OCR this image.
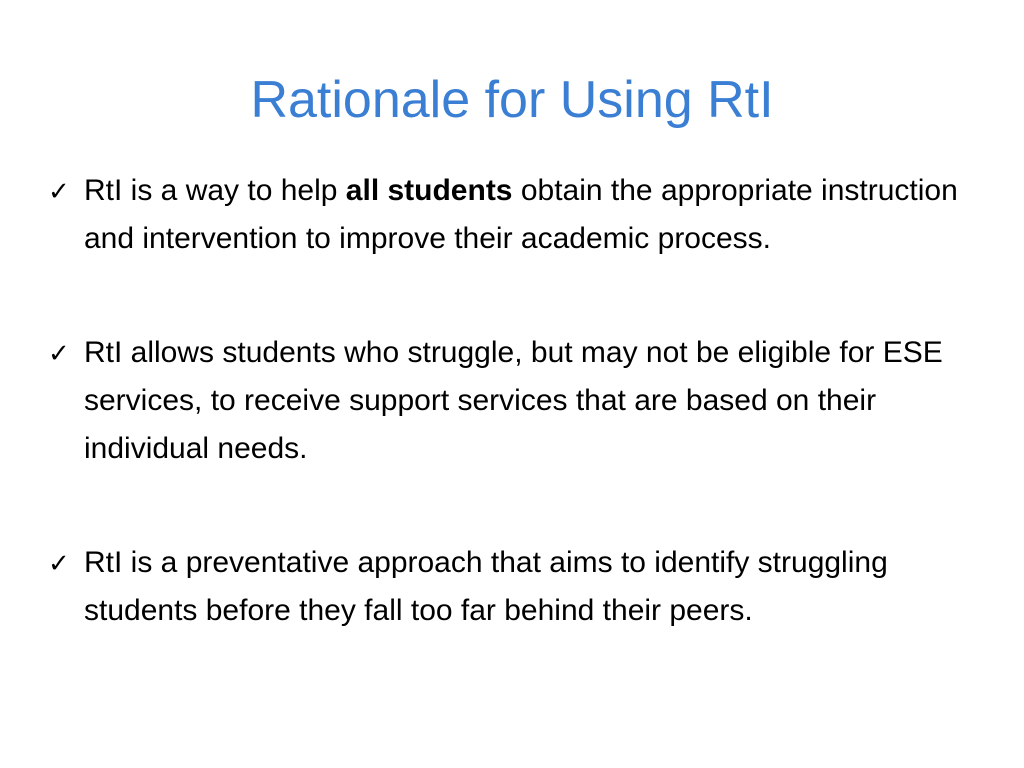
Rationale for Using RtI
✓ RtI is a way to help all students obtain the appropriate instruction and intervention to improve their academic process.
✓ RtI allows students who struggle, but may not be eligible for ESE services, to receive support services that are based on their individual needs.
✓ RtI is a preventative approach that aims to identify struggling students before they fall too far behind their peers.
